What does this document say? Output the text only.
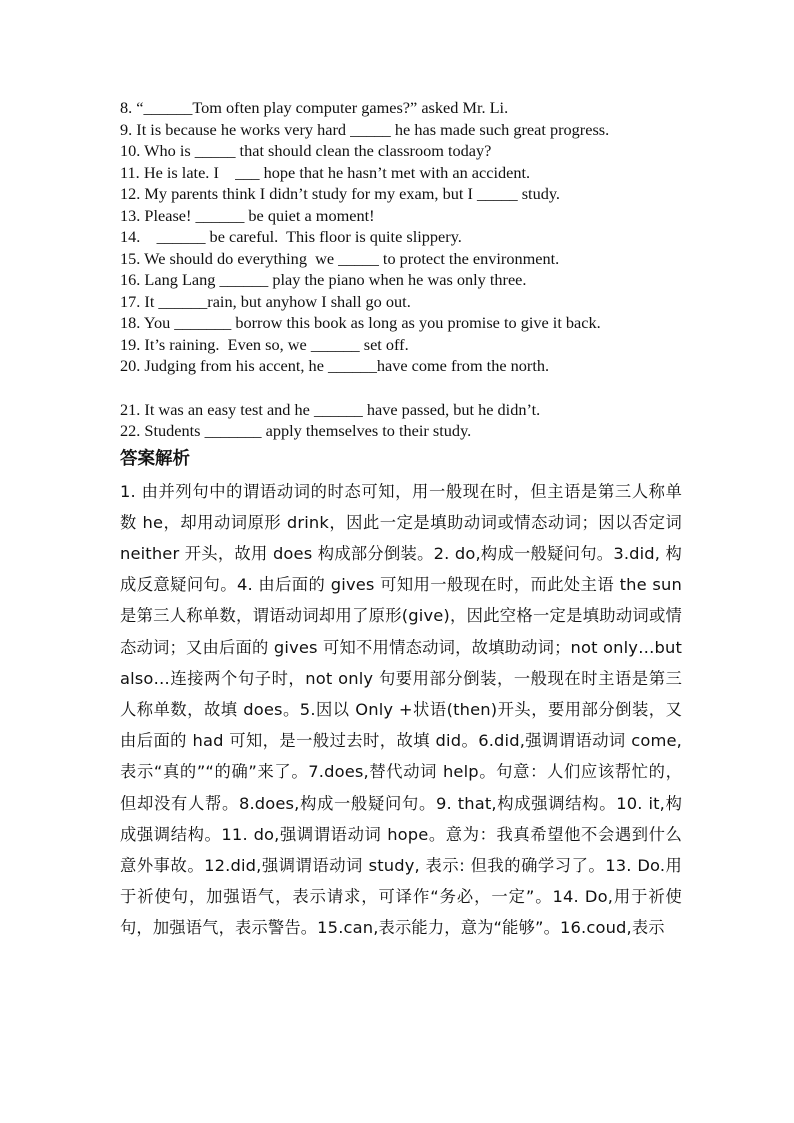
8. “______Tom often play computer games?” asked Mr. Li.

9. It is because he works very hard _____ he has made such great progress.

10. Who is _____ that should clean the classroom today?

11. He is late. I    ___ hope that he hasn’t met with an accident.

12. My parents think I didn’t study for my exam, but I _____ study.

13. Please! ______ be quiet a moment!

14.    ______ be careful.  This floor is quite slippery.

15. We should do everything  we _____ to protect the environment.

16. Lang Lang ______ play the piano when he was only three.

17. It ______rain, but anyhow I shall go out.

18. You _______ borrow this book as long as you promise to give it back.

19. It’s raining.  Even so, we ______ set off.

20. Judging from his accent, he ______have come from the north.

21. It was an easy test and he ______ have passed, but he didn’t.

22. Students _______ apply themselves to their study.

答案解析

1. 由并列句中的谓语动词的时态可知，用一般现在时，但主语是第三人称单数 he，却用动词原形 drink，因此一定是填助动词或情态动词；因以否定词 neither 开头，故用 does 构成部分倒装。2. do,构成一般疑问句。3.did, 构成反意疑问句。4. 由后面的 gives 可知用一般现在时，而此处主语 the sun 是第三人称单数，谓语动词却用了原形(give)，因此空格一定是填助动词或情态动词；又由后面的 gives 可知不用情态动词，故填助动词；not only…but also…连接两个句子时，not only 句要用部分倒装，一般现在时主语是第三人称单数，故填 does。5.因以 Only +状语(then)开头，要用部分倒装，又由后面的 had 可知，是一般过去时，故填 did。6.did,强调谓语动词 come, 表示“真的”“的确”来了。7.does,替代动词 help。句意：人们应该帮忙的，但却没有人帮。8.does,构成一般疑问句。9. that,构成强调结构。10. it,构成强调结构。11. do,强调谓语动词 hope。意为：我真希望他不会遇到什么意外事故。12.did,强调谓语动词 study, 表示: 但我的确学习了。13. Do.用于祈使句，加强语气，表示请求，可译作“务必，一定”。14. Do,用于祈使句，加强语气，表示警告。15.can,表示能力，意为“能够”。16.coud,表示
